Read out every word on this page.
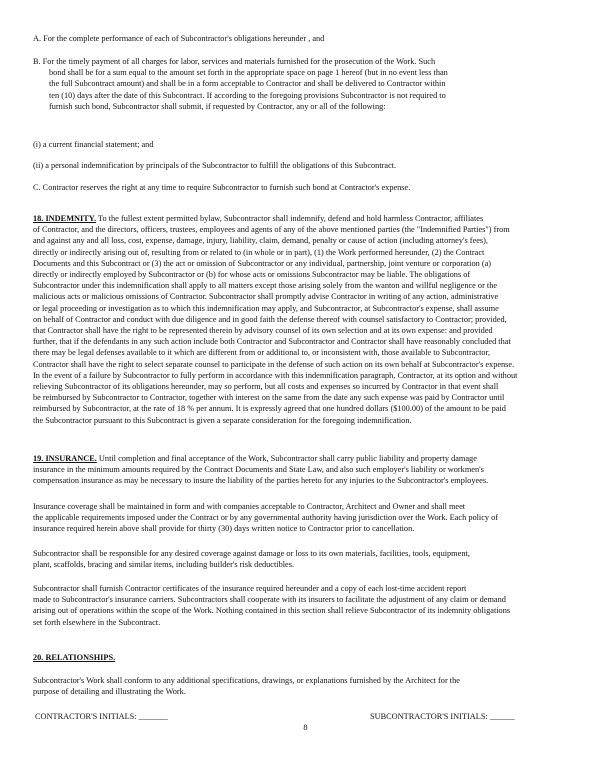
A. For the complete performance of each of Subcontractor's obligations hereunder , and

B. For the timely payment of all charges for labor, services and materials furnished for the prosecution of the Work. Such

bond shall be for a sum equal to the amount set forth in the appropriate space on page 1 hereof (but in no event less than

the full Subcontract amount) and shall be in a form acceptable to Contractor and shall be delivered to Contractor within

ten (10) days after the date of this Subcontract. If according to the foregoing provisions Subcontractor is not required to

furnish such bond, Subcontractor shall submit, if requested by Contractor, any or all of the following:

(i) a current financial statement; and

(ii) a personal indemnification by principals of the Subcontractor to fulfill the obligations of this Subcontract.

C. Contractor reserves the right at any time to require Subcontractor to furnish such bond at Contractor's expense.

18. INDEMNITY. To the fullest extent permitted bylaw, Subcontractor shall indemnify, defend and hold harmless Contractor, affiliates

of Contractor, and the directors, officers, trustees, employees and agents of any of the above mentioned parties (the "Indemnified Parties") from

and against any and all loss, cost, expense, damage, injury, liability, claim, demand, penalty or cause of action (including attorney's fees),

directly or indirectly arising out of, resulting from or related to (in whole or in part), (1) the Work performed hereunder, (2) the Contract

Documents and this Subcontract or (3) the act or omission of Subcontractor or any individual, partnership, joint venture or corporation (a)

directly or indirectly employed by Subcontractor or (b) for whose acts or omissions Subcontractor may be liable. The obligations of

Subcontractor under this indemnification shall apply to all matters except those arising solely from the wanton and willful negligence or the

malicious acts or malicious omissions of Contractor. Subcontractor shall promptly advise Contractor in writing of any action, administrative

or legal proceeding or investigation as to which this indemnification may apply, and Subcontractor, at Subcontractor's expense, shall assume

on behalf of Contractor and conduct with due diligence and in good faith the defense thereof with counsel satisfactory to Contractor; provided,

that Contractor shall have the right to be represented therein by advisory counsel of its own selection and at its own expense: and provided

further, that if the defendants in any such action include both Contractor and Subcontractor and Contractor shall have reasonably concluded that

there may be legal defenses available to it which are different from or additional to, or inconsistent with, those available to Subcontractor,

Contractor shall have the right to select separate counsel to participate in the defense of such action on its own behalf at Subcontractor's expense.

In the event of a failure by Subcontractor to fully perform in accordance with this indemnification paragraph, Contractor, at its option and without

relieving Subcontractor of its obligations hereunder, may so perform, but all costs and expenses so incurred by Contractor in that event shall

be reimbursed by Subcontractor to Contractor, together with interest on the same from the date any such expense was paid by Contractor until

reimbursed by Subcontractor, at the rate of 18 % per annum. It is expressly agreed that one hundred dollars ($100.00) of the amount to be paid

the Subcontractor pursuant to this Subcontract is given a separate consideration for the foregoing indemnification.

19. INSURANCE. Until completion and final acceptance of the Work, Subcontractor shall carry public liability and property damage

insurance in the minimum amounts required by the Contract Documents and State Law, and also such employer's liability or workmen's

compensation insurance as may be necessary to insure the liability of the parties hereto for any injuries to the Subcontractor's employees.

Insurance coverage shall be maintained in form and with companies acceptable to Contractor, Architect and Owner and shall meet

the applicable requirements imposed under the Contract or by any governmental authority having jurisdiction over the Work. Each policy of

insurance required herein above shall provide for thirty (30) days written notice to Contractor prior to cancellation.

Subcontractor shall be responsible for any desired coverage against damage or loss to its own materials, facilities, tools, equipment,

plant, scaffolds, bracing and similar items, including builder's risk deductibles.

Subcontractor shall furnish Contractor certificates of the insurance required hereunder and a copy of each lost-time accident report

made to Subcontractor's insurance carriers. Subcontractors shall cooperate with its insurers to facilitate the adjustment of any claim or demand

arising out of operations within the scope of the Work. Nothing contained in this section shall relieve Subcontractor of its indemnity obligations

set forth elsewhere in the Subcontract.

20. RELATIONSHIPS.

Subcontractor's Work shall conform to any additional specifications, drawings, or explanations furnished by the Architect for the

purpose of detailing and illustrating the Work.

CONTRACTOR'S INITIALS: _______	SUBCONTRACTOR'S INITIALS: ______
8
